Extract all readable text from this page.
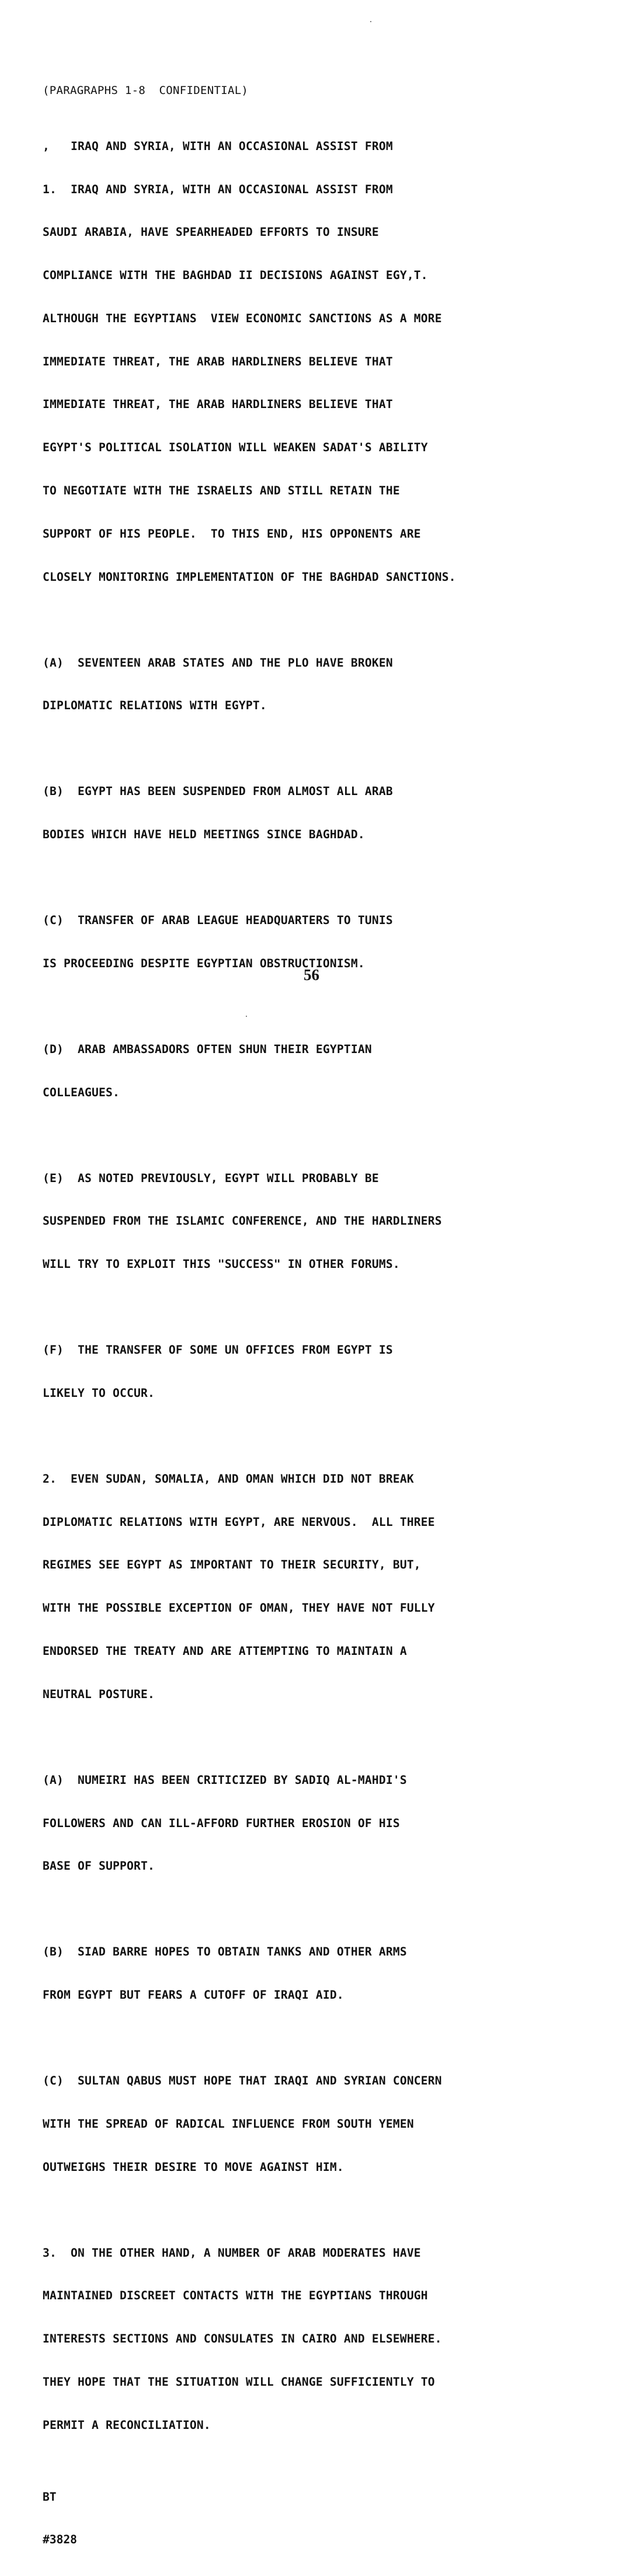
(PARAGRAPHS 1-8  CONFIDENTIAL)

,   IRAQ AND SYRIA, WITH AN OCCASIONAL ASSIST FROM

1.  IRAQ AND SYRIA, WITH AN OCCASIONAL ASSIST FROM

SAUDI ARABIA, HAVE SPEARHEADED EFFORTS TO INSURE

COMPLIANCE WITH THE BAGHDAD II DECISIONS AGAINST EGY,T.

ALTHOUGH THE EGYPTIANS  VIEW ECONOMIC SANCTIONS AS A MORE

IMMEDIATE THREAT, THE ARAB HARDLINERS BELIEVE THAT

IMMEDIATE THREAT, THE ARAB HARDLINERS BELIEVE THAT

EGYPT'S POLITICAL ISOLATION WILL WEAKEN SADAT'S ABILITY

TO NEGOTIATE WITH THE ISRAELIS AND STILL RETAIN THE

SUPPORT OF HIS PEOPLE.  TO THIS END, HIS OPPONENTS ARE

CLOSELY MONITORING IMPLEMENTATION OF THE BAGHDAD SANCTIONS.

(A)  SEVENTEEN ARAB STATES AND THE PLO HAVE BROKEN

DIPLOMATIC RELATIONS WITH EGYPT.

(B)  EGYPT HAS BEEN SUSPENDED FROM ALMOST ALL ARAB

BODIES WHICH HAVE HELD MEETINGS SINCE BAGHDAD.

(C)  TRANSFER OF ARAB LEAGUE HEADQUARTERS TO TUNIS

IS PROCEEDING DESPITE EGYPTIAN OBSTRUCTIONISM.

(D)  ARAB AMBASSADORS OFTEN SHUN THEIR EGYPTIAN

COLLEAGUES.

(E)  AS NOTED PREVIOUSLY, EGYPT WILL PROBABLY BE

SUSPENDED FROM THE ISLAMIC CONFERENCE, AND THE HARDLINERS

WILL TRY TO EXPLOIT THIS "SUCCESS" IN OTHER FORUMS.

(F)  THE TRANSFER OF SOME UN OFFICES FROM EGYPT IS

LIKELY TO OCCUR.

2.  EVEN SUDAN, SOMALIA, AND OMAN WHICH DID NOT BREAK

DIPLOMATIC RELATIONS WITH EGYPT, ARE NERVOUS.  ALL THREE

REGIMES SEE EGYPT AS IMPORTANT TO THEIR SECURITY, BUT,

WITH THE POSSIBLE EXCEPTION OF OMAN, THEY HAVE NOT FULLY

ENDORSED THE TREATY AND ARE ATTEMPTING TO MAINTAIN A

NEUTRAL POSTURE.

(A)  NUMEIRI HAS BEEN CRITICIZED BY SADIQ AL-MAHDI'S

FOLLOWERS AND CAN ILL-AFFORD FURTHER EROSION OF HIS

BASE OF SUPPORT.

(B)  SIAD BARRE HOPES TO OBTAIN TANKS AND OTHER ARMS

FROM EGYPT BUT FEARS A CUTOFF OF IRAQI AID.

(C)  SULTAN QABUS MUST HOPE THAT IRAQI AND SYRIAN CONCERN

WITH THE SPREAD OF RADICAL INFLUENCE FROM SOUTH YEMEN

OUTWEIGHS THEIR DESIRE TO MOVE AGAINST HIM.

3.  ON THE OTHER HAND, A NUMBER OF ARAB MODERATES HAVE

MAINTAINED DISCREET CONTACTS WITH THE EGYPTIANS THROUGH

INTERESTS SECTIONS AND CONSULATES IN CAIRO AND ELSEWHERE.

THEY HOPE THAT THE SITUATION WILL CHANGE SUFFICIENTLY TO

PERMIT A RECONCILIATION.

BT

#3828

56
